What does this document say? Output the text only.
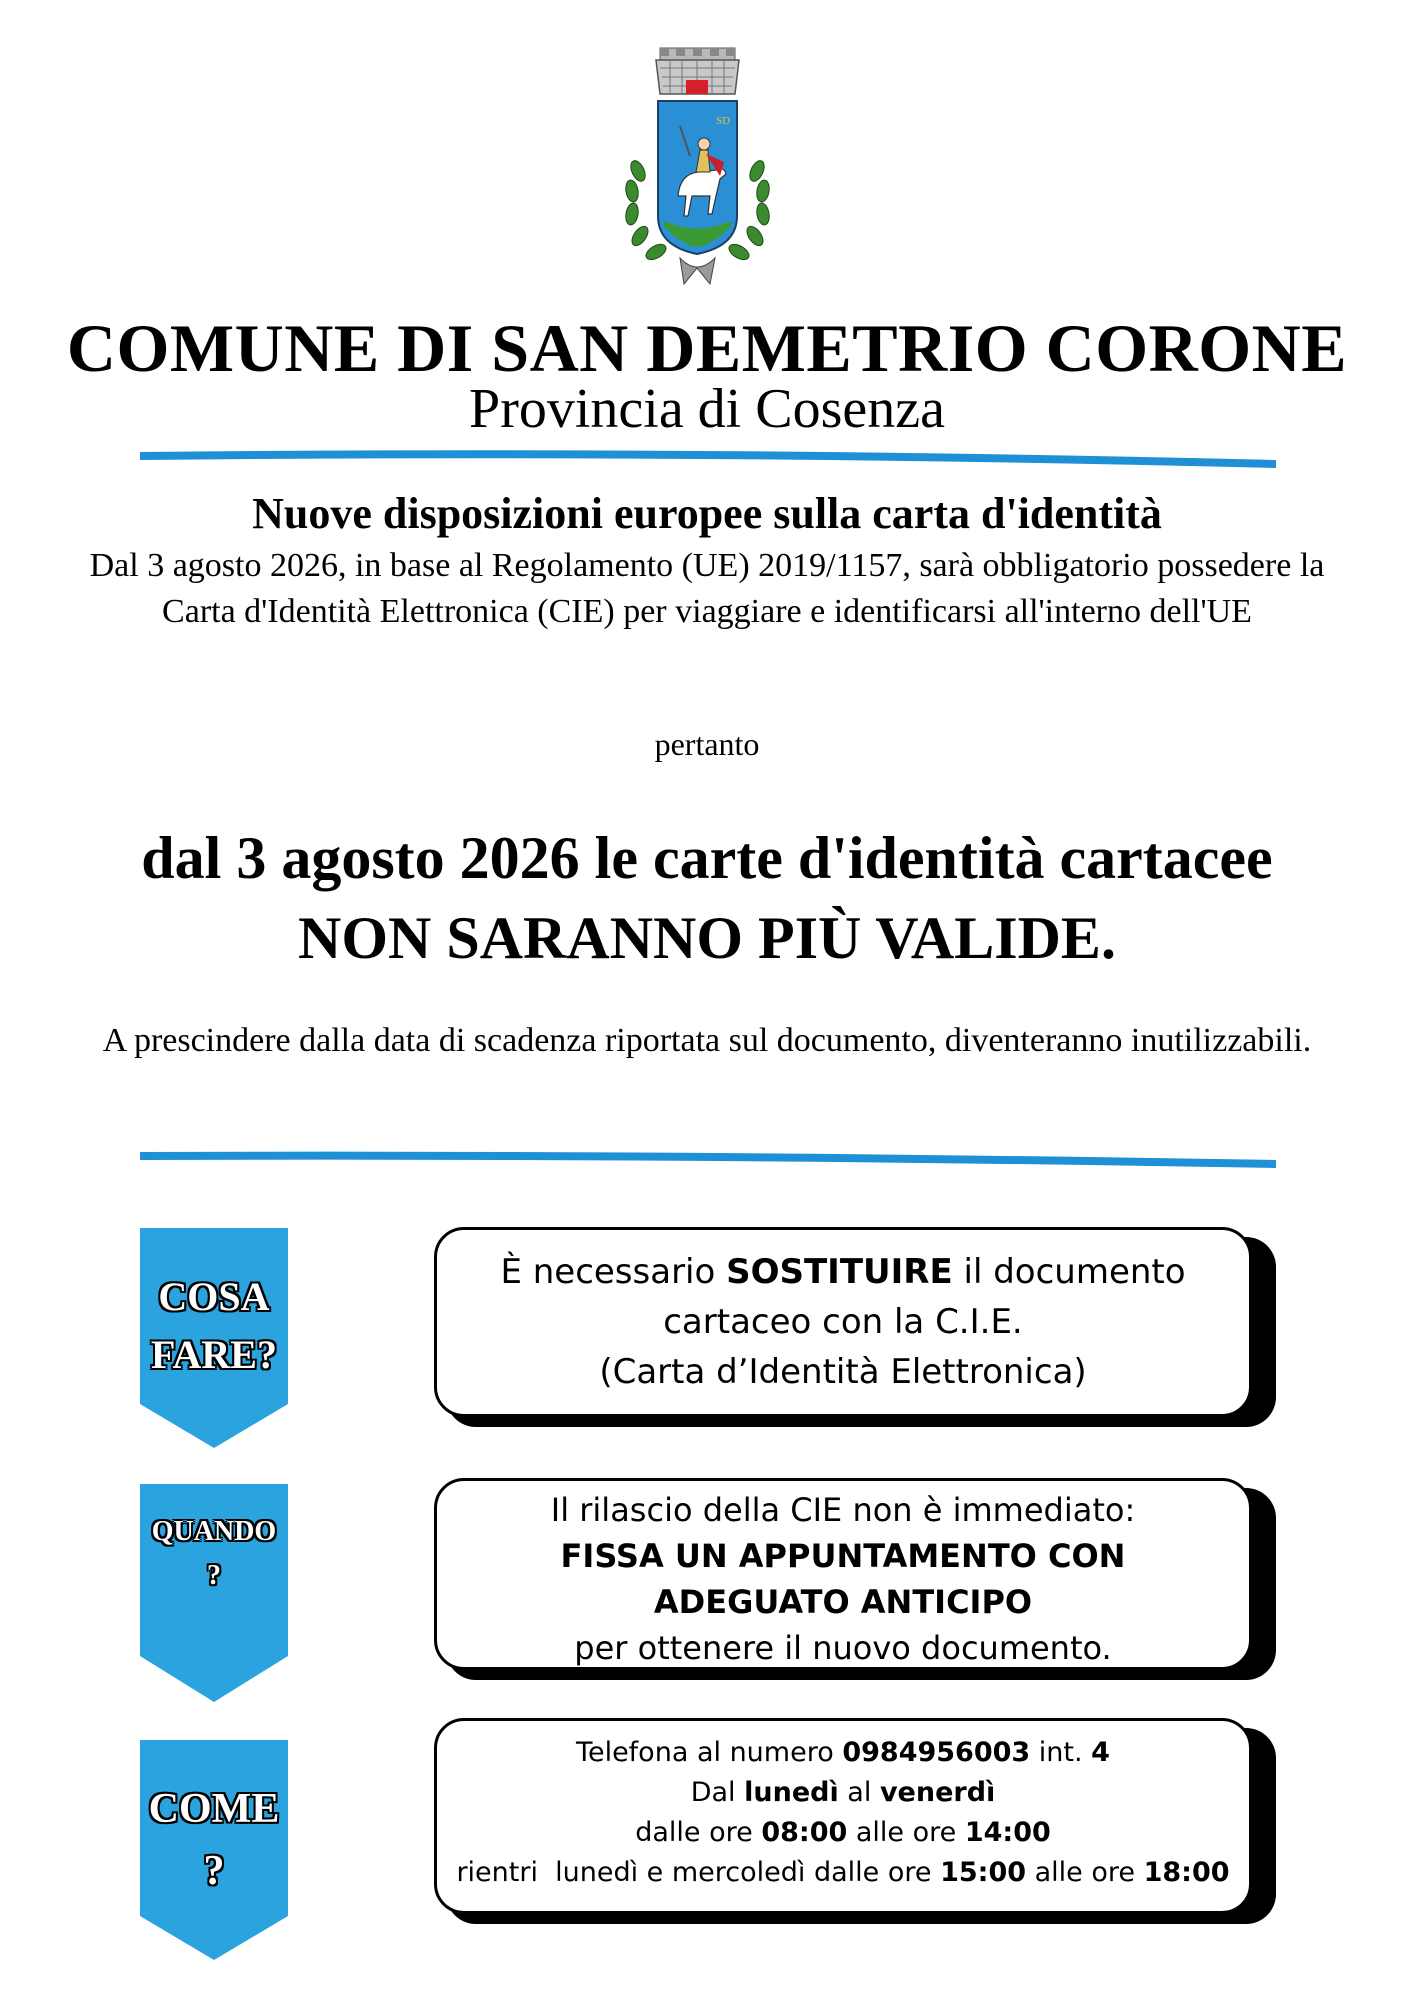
SD
COMUNE DI SAN DEMETRIO CORONE
Provincia di Cosenza
Nuove disposizioni europee sulla carta d'identità
Dal 3 agosto 2026, in base al Regolamento (UE) 2019/1157, sarà obbligatorio possedere la Carta d'Identità Elettronica (CIE) per viaggiare e identificarsi all'interno dell'UE
pertanto
dal 3 agosto 2026 le carte d'identità cartacee
NON SARANNO PIÙ VALIDE.
A prescindere dalla data di scadenza riportata sul documento, diventeranno inutilizzabili.
COSA
FARE?

È necessario SOSTITUIRE il documento

cartaceo con la C.I.E.

(Carta d’Identità Elettronica)

QUANDO
?

Il rilascio della CIE non è immediato:

FISSA UN APPUNTAMENTO CON

ADEGUATO ANTICIPO

per ottenere il nuovo documento.

COME
?

Telefona al numero 0984956003 int. 4

Dal lunedì al venerdì

dalle ore 08:00 alle ore 14:00

rientri  lunedì e mercoledì dalle ore 15:00 alle ore 18:00
